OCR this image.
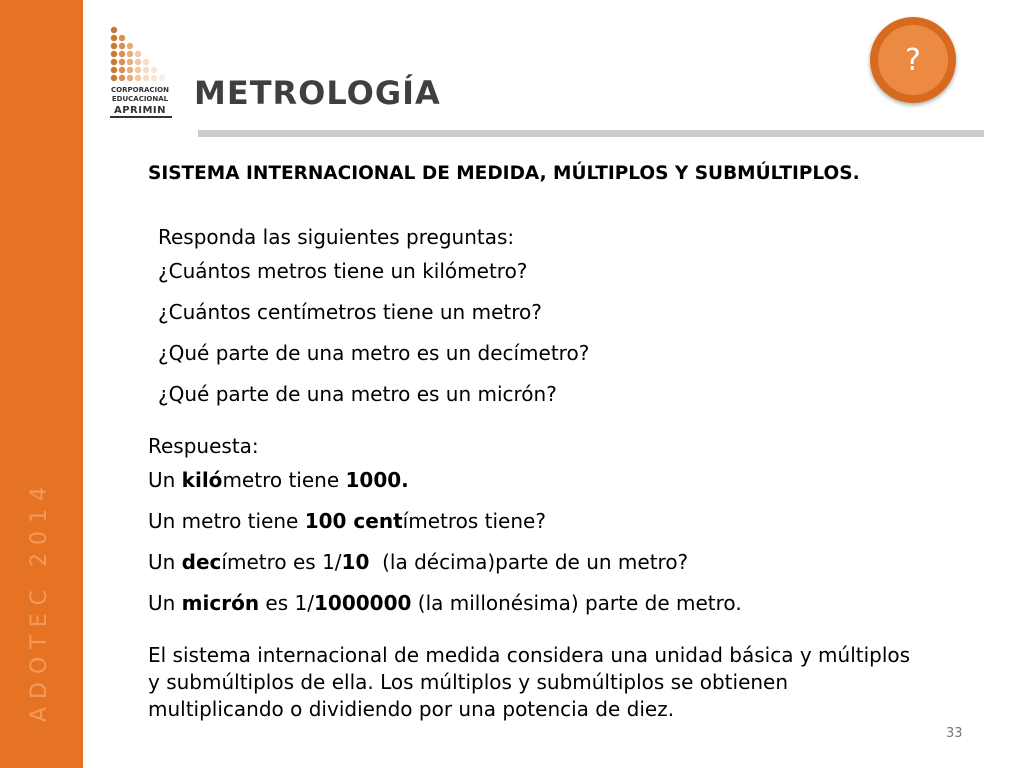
ADOTEC 2014
CORPORACION
EDUCACIONAL
APRIMIN METROLOGÍA
?
SISTEMA INTERNACIONAL DE MEDIDA, MÚLTIPLOS Y SUBMÚLTIPLOS.
Responda las siguientes preguntas:
¿Cuántos metros tiene un kilómetro?
¿Cuántos centímetros tiene un metro?
¿Qué parte de una metro es un decímetro?
¿Qué parte de una metro es un micrón?
Respuesta:
Un kilómetro tiene 1000.
Un metro tiene 100 centímetros tiene?
Un decímetro es 1/10  (la décima)parte de un metro?
Un micrón es 1/1000000 (la millonésima) parte de metro.
El sistema internacional de medida considera una unidad básica y múltiplos y submúltiplos de ella. Los múltiplos y submúltiplos se obtienen multiplicando o dividiendo por una potencia de diez.
33
